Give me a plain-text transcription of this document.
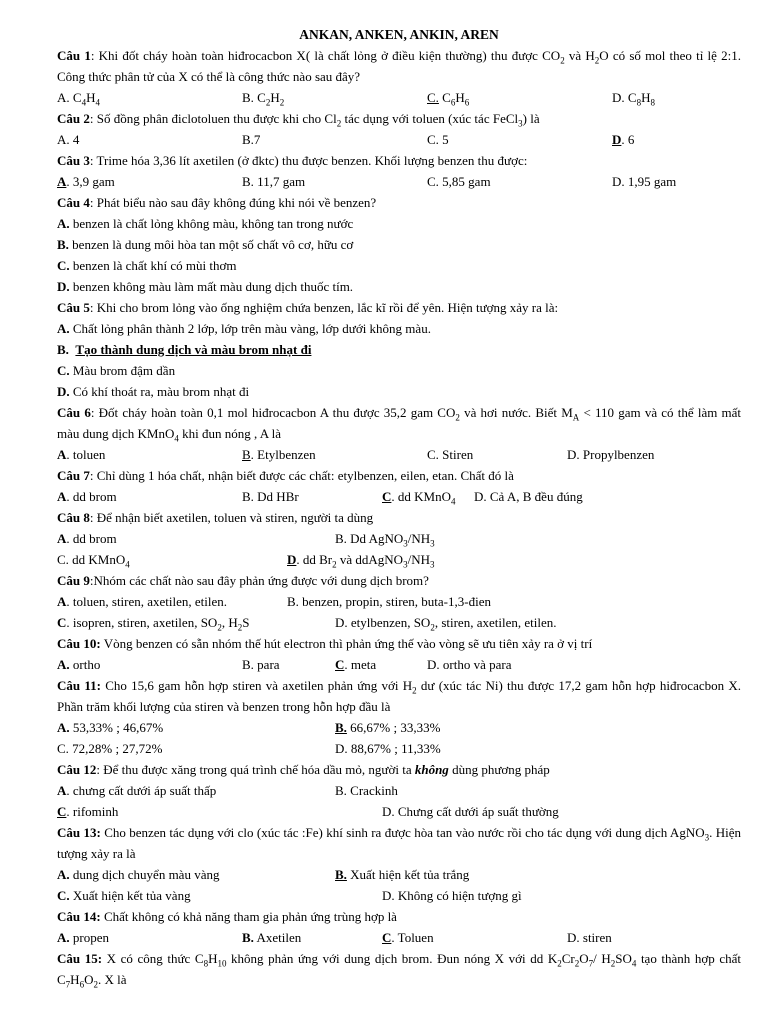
ANKAN, ANKEN, ANKIN, AREN

Câu 1: Khi đốt cháy hoàn toàn hiđrocacbon X( là chất lỏng ở điều kiện thường) thu được $CO_2$ và $H_2O$ có số mol theo tỉ lệ 2:1. Công thức phân tử của X có thể là công thức nào sau đây?

A. $C_4H_4$	B. $C_2H_2$	C. $C_6H_6$	D. $C_8H_8$

Câu 2: Số đồng phân điclotoluen thu được khi cho $Cl_2$ tác dụng với toluen (xúc tác FeCl$_3$) là

A. 4	B.7	C. 5	D. 6

Câu 3: Trime hóa 3,36 lít axetilen (ở đktc) thu được benzen. Khối lượng benzen thu được:

A. 3,9 gam	B. 11,7 gam	C. 5,85 gam	D. 1,95 gam

Câu 4: Phát biểu nào sau đây không đúng khi nói về benzen?

A. benzen là chất lỏng không màu, không tan trong nước

B. benzen là dung môi hòa tan một số chất vô cơ, hữu cơ

C. benzen là chất khí có mùi thơm

D. benzen không màu làm mất màu dung dịch thuốc tím.

Câu 5: Khi cho brom lỏng vào ống nghiệm chứa benzen, lắc kĩ rồi để yên. Hiện tượng xảy ra là:

A. Chất lỏng phân thành 2 lớp, lớp trên màu vàng, lớp dưới không màu.

B. Tạo thành dung dịch và màu brom nhạt đi

C. Màu brom đậm dần

D. Có khí thoát ra, màu brom nhạt đi

Câu 6: Đốt cháy hoàn toàn 0,1 mol hiđrocacbon A thu được 35,2 gam $CO_2$ và hơi nước. Biết $M_A < 110$ gam và có thể làm mất màu dung dịch KMnO$_4$ khi đun nóng , A là

A. toluen	B. Etylbenzen	C. Stiren	D. Propylbenzen

Câu 7: Chỉ dùng 1 hóa chất, nhận biết được các chất: etylbenzen, eilen, etan. Chất đó là

A. dd brom	B. Dd HBr	C. dd KMnO$_4$	D. Cả A, B đều đúng

Câu 8: Để nhận biết axetilen, toluen và stiren, người ta dùng

A. dd brom	B. Dd $AgNO_3/NH_3$
C. dd KMnO$_4$	D. dd $Br_2$ và $ddAgNO_3/NH_3$

Câu 9:Nhóm các chất nào sau đây phản ứng được với dung dịch brom?

A. toluen, stiren, axetilen, etilen.	B. benzen, propin, stiren, buta-1,3-đien
C. isopren, stiren, axetilen, $SO_2$, $H_2S$	D. etylbenzen, $SO_2$, stiren, axetilen, etilen.

Câu 10: Vòng benzen có sẵn nhóm thế hút electron thì phản ứng thế vào vòng sẽ ưu tiên xảy ra ở vị trí

A. ortho	B. para	C. meta	D. ortho và para

Câu 11: Cho 15,6 gam hỗn hợp stiren và axetilen phản ứng với $H_2$ dư (xúc tác Ni) thu được 17,2 gam hỗn hợp hiđrocacbon X. Phần trăm khối lượng của stiren và benzen trong hỗn hợp đầu là

A. 53,33% ; 46,67%	B. 66,67% ; 33,33%
C. 72,28% ; 27,72%	D. 88,67% ; 11,33%

Câu 12: Để thu được xăng trong quá trình chế hóa dầu mỏ, người ta không dùng phương pháp

A. chưng cất dưới áp suất thấp	B. Crackinh
C. rifominh	D. Chưng cất dưới áp suất thường

Câu 13: Cho benzen tác dụng với clo (xúc tác :Fe) khí sinh ra được hòa tan vào nước rồi cho tác dụng với dung dịch AgNO$_3$. Hiện tượng xảy ra là

A. dung dịch chuyển màu vàng	B. Xuất hiện kết tủa trắng
C. Xuất hiện kết tủa vàng	D. Không có hiện tượng gì

Câu 14: Chất không có khả năng tham gia phản ứng trùng hợp là

A. propen	B. Axetilen	C. Toluen	D. stiren

Câu 15: X có công thức $C_8H_{10}$ không phản ứng với dung dịch brom. Đun nóng X với dd $K_2Cr_2O_7/$ $H_2SO_4$ tạo thành hợp chất $C_7H_6O_2$. X là
